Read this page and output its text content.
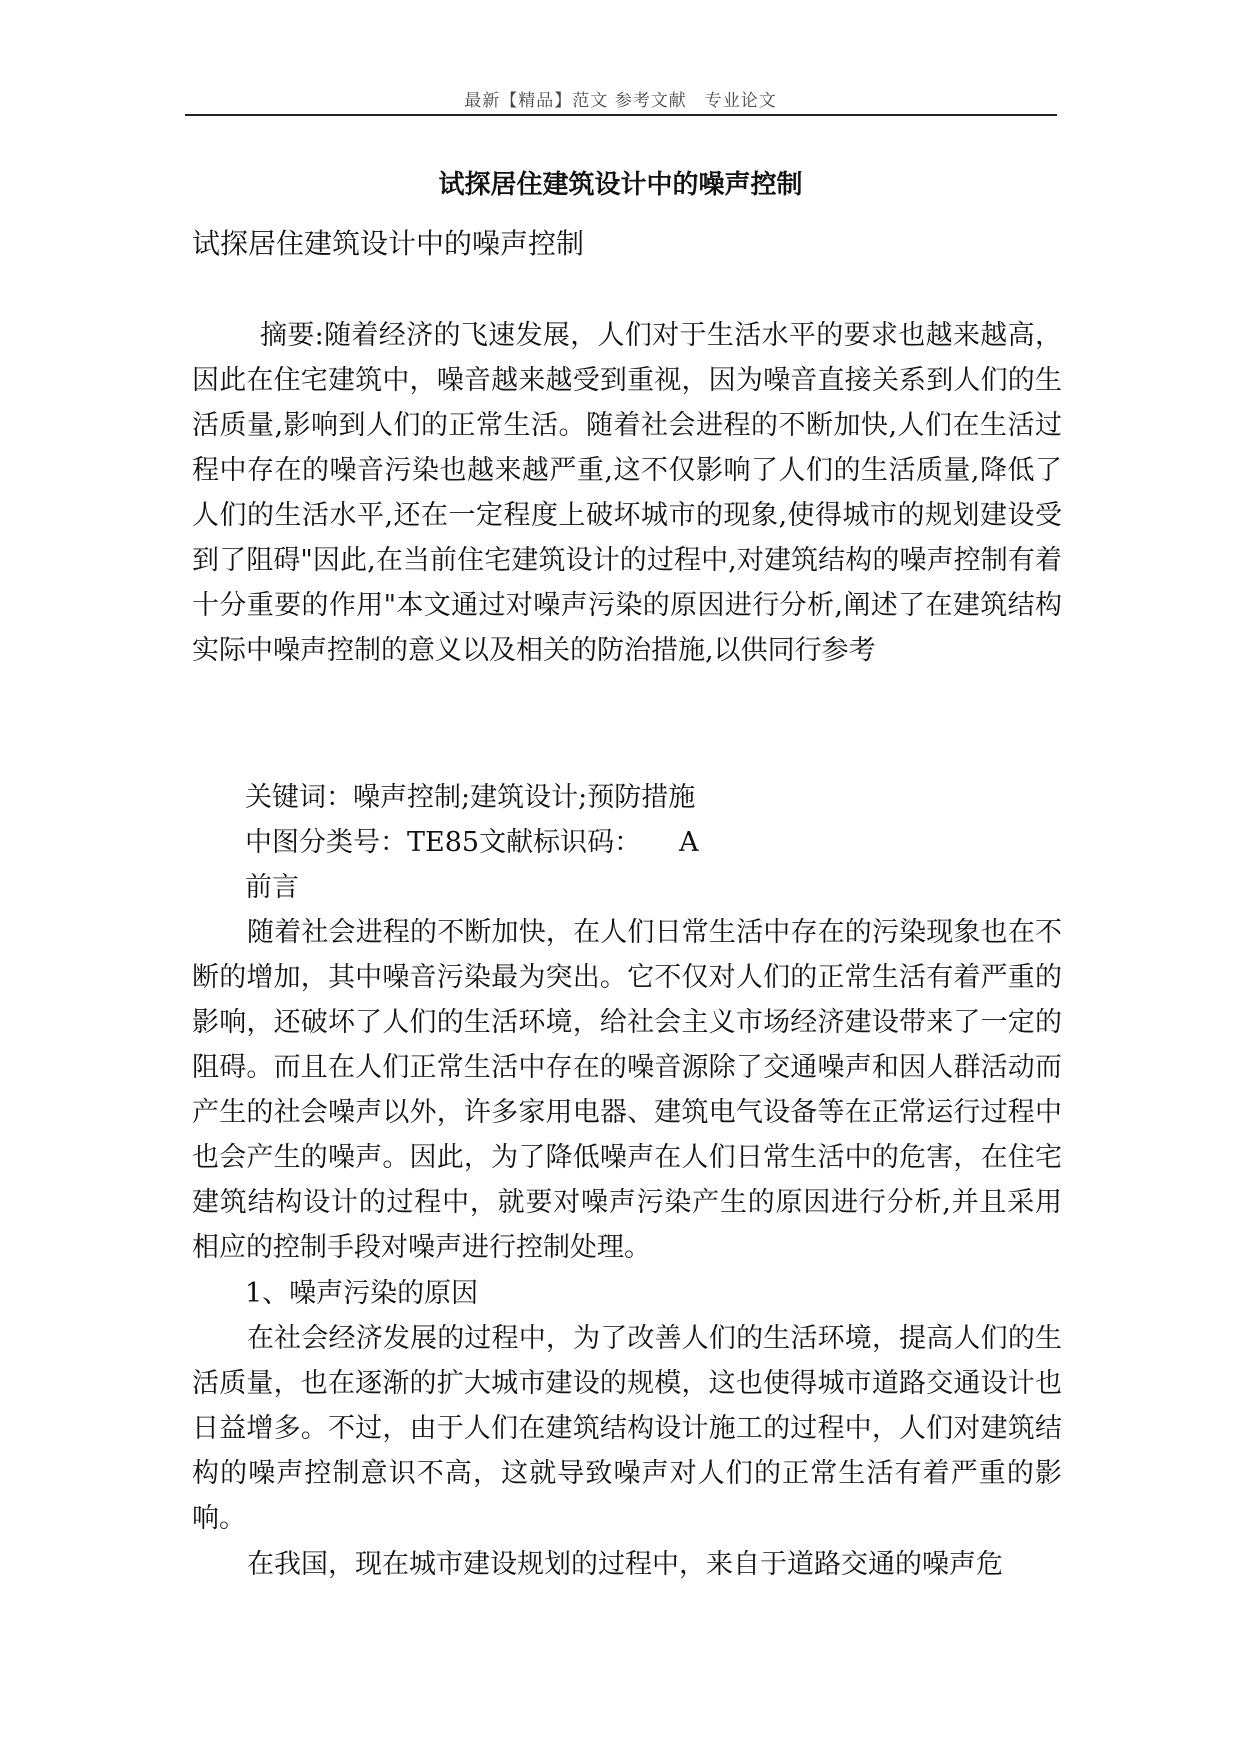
最新【精品】范文 参考文献　专业论文
试探居住建筑设计中的噪声控制
试探居住建筑设计中的噪声控制

摘要:随着经济的飞速发展，人们对于生活水平的要求也越来越高，因此在住宅建筑中，噪音越来越受到重视，因为噪音直接关系到人们的生活质量,影响到人们的正常生活。随着社会进程的不断加快,人们在生活过程中存在的噪音污染也越来越严重,这不仅影响了人们的生活质量,降低了人们的生活水平,还在一定程度上破坏城市的现象,使得城市的规划建设受到了阻碍"因此,在当前住宅建筑设计的过程中,对建筑结构的噪声控制有着十分重要的作用"本文通过对噪声污染的原因进行分析,阐述了在建筑结构实际中噪声控制的意义以及相关的防治措施,以供同行参考

关键词：噪声控制;建筑设计;预防措施
中图分类号：TE85文献标识码： A
前言

随着社会进程的不断加快，在人们日常生活中存在的污染现象也在不断的增加，其中噪音污染最为突出。它不仅对人们的正常生活有着严重的影响，还破坏了人们的生活环境，给社会主义市场经济建设带来了一定的阻碍。而且在人们正常生活中存在的噪音源除了交通噪声和因人群活动而产生的社会噪声以外，许多家用电器、建筑电气设备等在正常运行过程中也会产生的噪声。因此，为了降低噪声在人们日常生活中的危害，在住宅建筑结构设计的过程中，就要对噪声污染产生的原因进行分析,并且采用相应的控制手段对噪声进行控制处理。

1、噪声污染的原因

在社会经济发展的过程中，为了改善人们的生活环境，提高人们的生活质量，也在逐渐的扩大城市建设的规模，这也使得城市道路交通设计也日益增多。不过，由于人们在建筑结构设计施工的过程中，人们对建筑结构的噪声控制意识不高，这就导致噪声对人们的正常生活有着严重的影响。

在我国，现在城市建设规划的过程中，来自于道路交通的噪声危
